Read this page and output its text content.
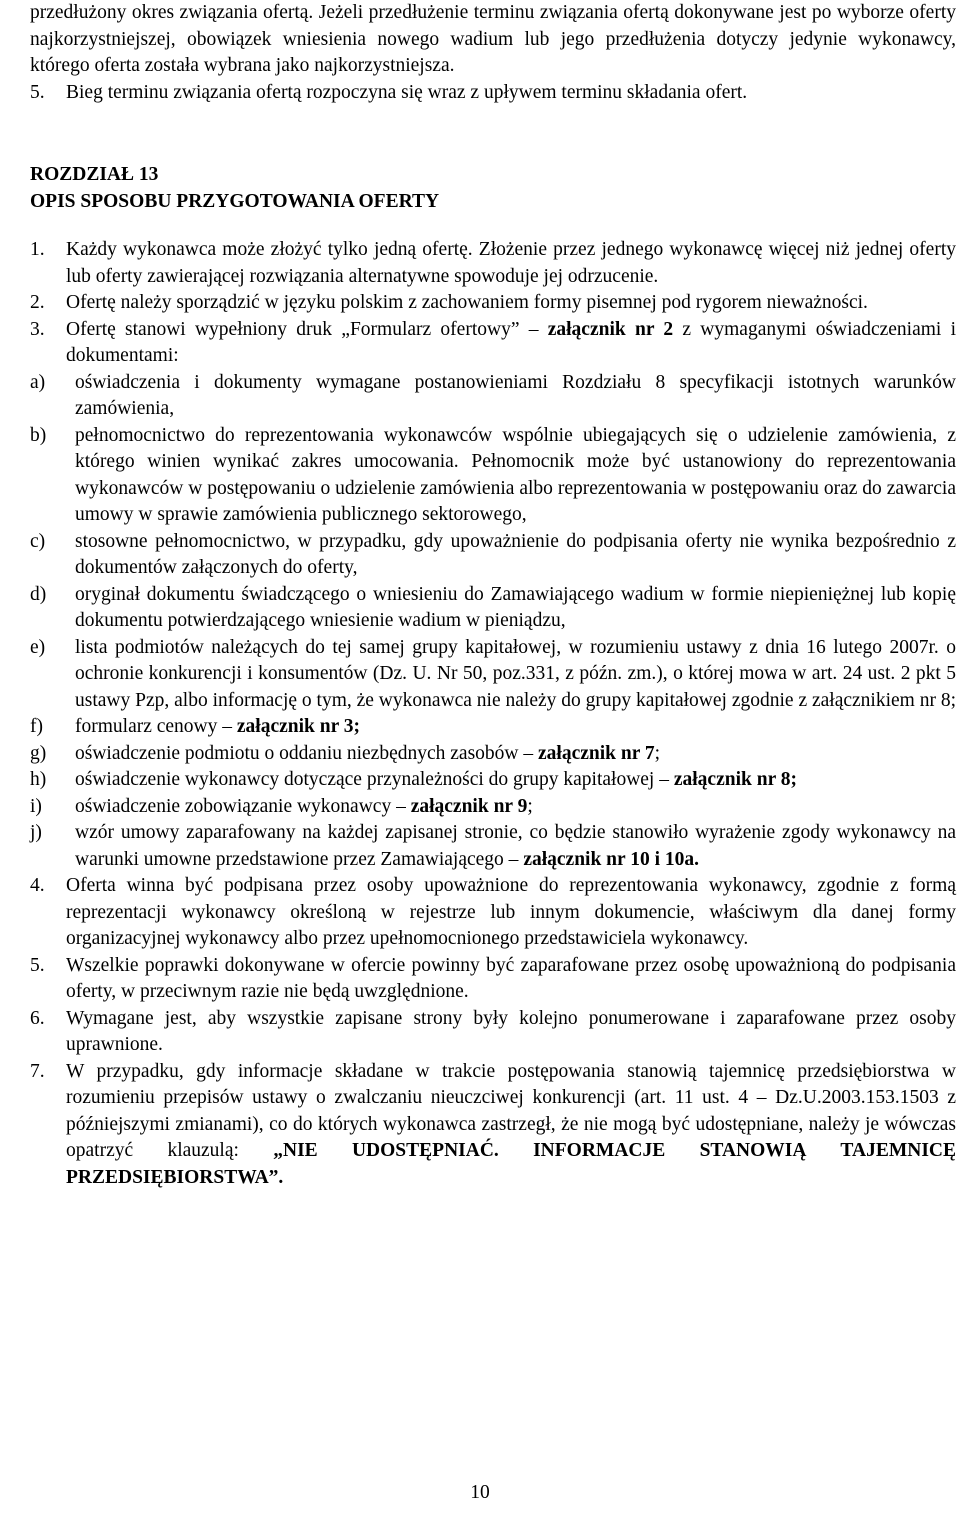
przedłużony okres związania ofertą. Jeżeli przedłużenie terminu związania ofertą dokonywane jest po wyborze oferty najkorzystniejszej, obowiązek wniesienia nowego wadium lub jego przedłużenia dotyczy jedynie wykonawcy, którego oferta została wybrana jako najkorzystniejsza.
5.	Bieg terminu związania ofertą rozpoczyna się wraz z upływem terminu składania ofert.
ROZDZIAŁ 13
OPIS SPOSOBU PRZYGOTOWANIA OFERTY
1.	Każdy wykonawca może złożyć tylko jedną ofertę. Złożenie przez jednego wykonawcę więcej niż jednej oferty lub oferty zawierającej rozwiązania alternatywne spowoduje jej odrzucenie.
2.	Ofertę należy sporządzić w języku polskim z zachowaniem formy pisemnej pod rygorem nieważności.
3.	Ofertę stanowi wypełniony druk „Formularz ofertowy” – załącznik nr 2 z wymaganymi oświadczeniami i dokumentami:
a)	oświadczenia i dokumenty wymagane postanowieniami Rozdziału 8 specyfikacji istotnych warunków zamówienia,
b)	pełnomocnictwo do reprezentowania wykonawców wspólnie ubiegających się o udzielenie zamówienia, z którego winien wynikać zakres umocowania. Pełnomocnik może być ustanowiony do reprezentowania wykonawców w postępowaniu o udzielenie zamówienia albo reprezentowania w postępowaniu oraz do zawarcia umowy w sprawie zamówienia publicznego sektorowego,
c)	stosowne pełnomocnictwo, w przypadku, gdy upoważnienie do podpisania oferty nie wynika bezpośrednio z dokumentów załączonych do oferty,
d)	oryginał dokumentu świadczącego o wniesieniu do Zamawiającego wadium w formie niepieniężnej lub kopię dokumentu potwierdzającego wniesienie wadium w pieniądzu,
e)	lista podmiotów należących do tej samej grupy kapitałowej, w rozumieniu ustawy z dnia 16 lutego 2007r. o ochronie konkurencji i konsumentów (Dz. U. Nr 50, poz.331, z późn. zm.), o której mowa w art. 24 ust. 2 pkt 5 ustawy Pzp, albo informację o tym, że wykonawca nie należy do grupy kapitałowej zgodnie z załącznikiem nr 8;
f)	formularz cenowy – załącznik nr 3;
g)	oświadczenie podmiotu o oddaniu niezbędnych zasobów – załącznik nr 7;
h)	oświadczenie wykonawcy dotyczące przynależności do grupy kapitałowej – załącznik nr 8;
i)	oświadczenie zobowiązanie wykonawcy – załącznik nr 9;
j)	wzór umowy zaparafowany na każdej zapisanej stronie, co będzie stanowiło wyrażenie zgody wykonawcy na warunki umowne przedstawione przez Zamawiającego – załącznik nr 10 i 10a.
4.	Oferta winna być podpisana przez osoby upoważnione do reprezentowania wykonawcy, zgodnie z formą reprezentacji wykonawcy określoną w rejestrze lub innym dokumencie, właściwym dla danej formy organizacyjnej wykonawcy albo przez upełnomocnionego przedstawiciela wykonawcy.
5.	Wszelkie poprawki dokonywane w ofercie powinny być zaparafowane przez osobę upoważnioną do podpisania oferty, w przeciwnym razie nie będą uwzględnione.
6.	Wymagane jest, aby wszystkie zapisane strony były kolejno ponumerowane i zaparafowane przez osoby uprawnione.
7.	W przypadku, gdy informacje składane w trakcie postępowania stanowią tajemnicę przedsiębiorstwa w rozumieniu przepisów ustawy o zwalczaniu nieuczciwej konkurencji (art. 11 ust. 4 – Dz.U.2003.153.1503 z późniejszymi zmianami), co do których wykonawca zastrzegł, że nie mogą być udostępniane, należy je wówczas opatrzyć klauzulą: „NIE UDOSTĘPNIAĆ. INFORMACJE STANOWIĄ TAJEMNICĘ PRZEDSIĘBIORSTWA”.
10
